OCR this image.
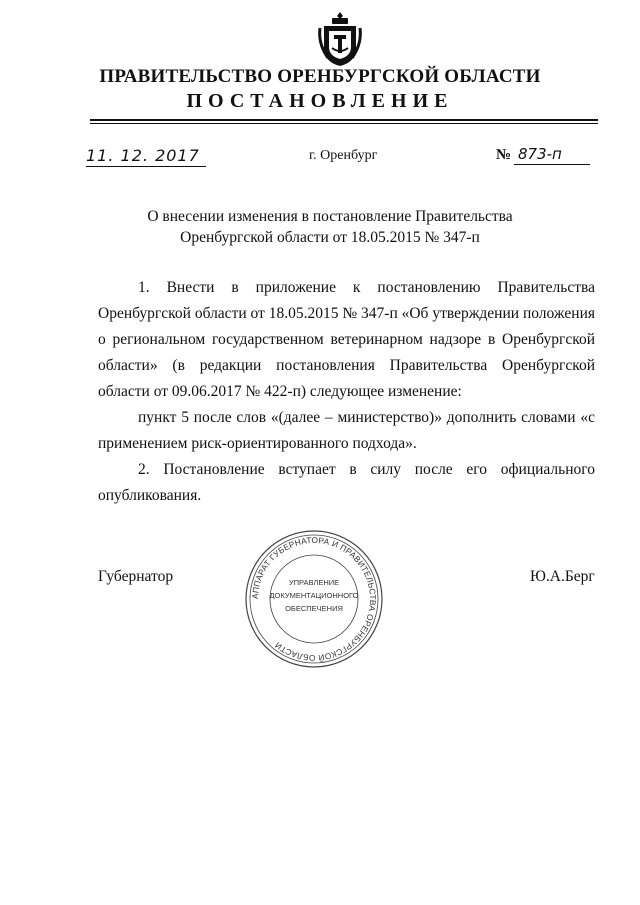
ПРАВИТЕЛЬСТВО ОРЕНБУРГСКОЙ ОБЛАСТИ
ПОСТАНОВЛЕНИЕ
11. 12. 2017	г. Оренбург	№ 873-п
О внесении изменения в постановление Правительства
Оренбургской области от 18.05.2015 № 347-п

1. Внести в приложение к постановлению Правительства Оренбургской области от 18.05.2015 № 347-п «Об утверждении положения о региональном государственном ветеринарном надзоре в Оренбургской области» (в редакции постановления Правительства Оренбургской области от 09.06.2017 № 422-п) следующее изменение:

пункт 5 после слов «(далее – министерство)» дополнить словами «с применением риск-ориентированного подхода».

2. Постановление вступает в силу после его официального опубликования.

Губернатор	Ю.А.Берг
АППАРАТ ГУБЕРНАТОРА И ПРАВИТЕЛЬСТВА ОРЕНБУРГСКОЙ ОБЛАСТИ
УПРАВЛЕНИЕ
ДОКУМЕНТАЦИОННОГО
ОБЕСПЕЧЕНИЯ
